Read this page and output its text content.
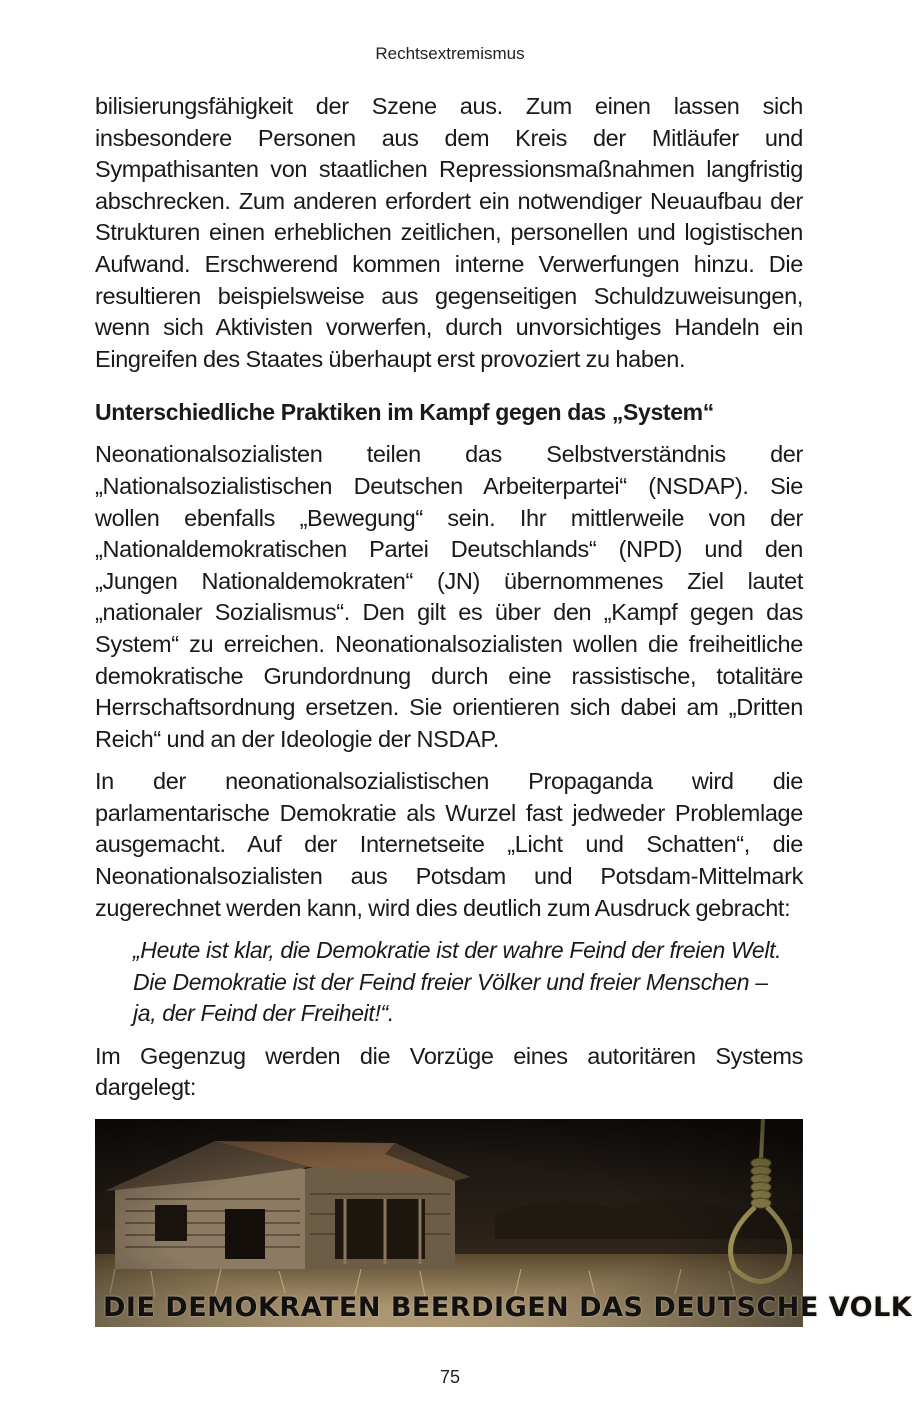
Rechtsextremismus

bilisierungsfähigkeit der Szene aus. Zum einen lassen sich insbesondere Personen aus dem Kreis der Mitläufer und Sympathisanten von staatlichen Repressionsmaßnahmen langfristig abschrecken. Zum anderen erfordert ein notwendiger Neuaufbau der Strukturen einen erheblichen zeitlichen, personellen und logistischen Aufwand. Erschwerend kommen interne Verwerfungen hinzu. Die resultieren beispielsweise aus gegenseitigen Schuldzuweisungen, wenn sich Aktivisten vorwerfen, durch unvorsichtiges Handeln ein Eingreifen des Staates überhaupt erst provoziert zu haben.

Unterschiedliche Praktiken im Kampf gegen das „System“

Neonationalsozialisten teilen das Selbstverständnis der „Nationalsozialistischen Deutschen Arbeiterpartei“ (NSDAP). Sie wollen ebenfalls „Bewegung“ sein. Ihr mittlerweile von der „Nationaldemokratischen Partei Deutschlands“ (NPD) und den „Jungen Nationaldemokraten“ (JN) übernommenes Ziel lautet „nationaler Sozialismus“. Den gilt es über den „Kampf gegen das System“ zu erreichen. Neonationalsozialisten wollen die freiheitliche demokratische Grundordnung durch eine rassistische, totalitäre Herrschaftsordnung ersetzen. Sie orientieren sich dabei am „Dritten Reich“ und an der Ideologie der NSDAP.

In der neonationalsozialistischen Propaganda wird die parlamentarische Demokratie als Wurzel fast jedweder Problemlage ausgemacht. Auf der Internetseite „Licht und Schatten“, die Neonationalsozialisten aus Potsdam und Potsdam-Mittelmark zugerechnet werden kann, wird dies deutlich zum Ausdruck gebracht:

„Heute ist klar, die Demokratie ist der wahre Feind der freien Welt. Die Demokratie ist der Feind freier Völker und freier Menschen – ja, der Feind der Freiheit!“.

Im Gegenzug werden die Vorzüge eines autoritären Systems dargelegt:

DIE DEMOKRATEN BEERDIGEN DAS DEUTSCHE VOLK
75
